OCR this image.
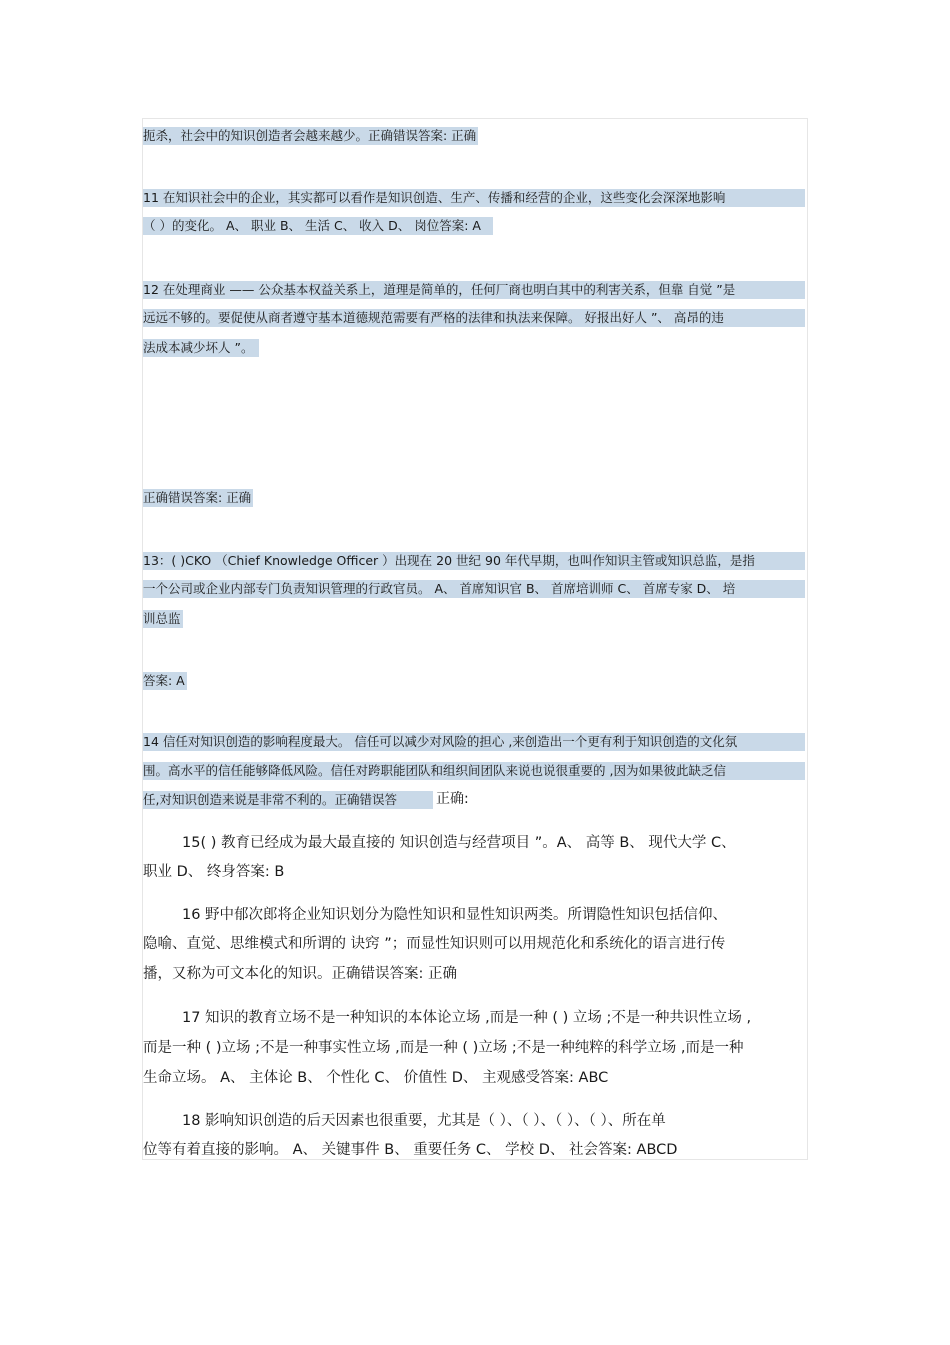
扼杀，社会中的知识创造者会越来越少。正确错误答案: 正确
11 在知识社会中的企业，其实都可以看作是知识创造、生产、传播和经营的企业，这些变化会深深地影响
（ ）的变化。 A、 职业 B、 生活 C、 收入 D、 岗位答案: A
12 在处理商业 —— 公众基本权益关系上，道理是简单的，任何厂商也明白其中的利害关系，但靠 自觉 ”是
远远不够的。要促使从商者遵守基本道德规范需要有严格的法律和执法来保障。 好报出好人 ”、 高昂的违
法成本减少坏人 ”。
正确错误答案: 正确
13：( )CKO （Chief Knowledge Officer ）出现在 20 世纪 90 年代早期，也叫作知识主管或知识总监，是指
一个公司或企业内部专门负责知识管理的行政官员。 A、 首席知识官 B、 首席培训师 C、 首席专家 D、 培
训总监
答案: A
14 信任对知识创造的影响程度最大。 信任可以减少对风险的担心 ,来创造出一个更有利于知识创造的文化氛
围。高水平的信任能够降低风险。信任对跨职能团队和组织间团队来说也说很重要的 ,因为如果彼此缺乏信
任,对知识创造来说是非常不利的。正确错误答	正确:
15( ) 教育已经成为最大最直接的 知识创造与经营项目 ”。A、 高等 B、 现代大学 C、
职业 D、 终身答案: B
16 野中郁次郎将企业知识划分为隐性知识和显性知识两类。所谓隐性知识包括信仰、
隐喻、直觉、思维模式和所谓的 诀窍 ”；而显性知识则可以用规范化和系统化的语言进行传
播，又称为可文本化的知识。正确错误答案: 正确
17 知识的教育立场不是一种知识的本体论立场 ,而是一种 ( ) 立场 ;不是一种共识性立场 ,
而是一种 ( )立场 ;不是一种事实性立场 ,而是一种 ( )立场 ;不是一种纯粹的科学立场 ,而是一种
生命立场。 A、 主体论 B、 个性化 C、 价值性 D、 主观感受答案: ABC
18 影响知识创造的后天因素也很重要，尤其是（ ）、（ ）、（ ）、（ ）、所在单
位等有着直接的影响。 A、 关键事件 B、 重要任务 C、 学校 D、 社会答案: ABCD
